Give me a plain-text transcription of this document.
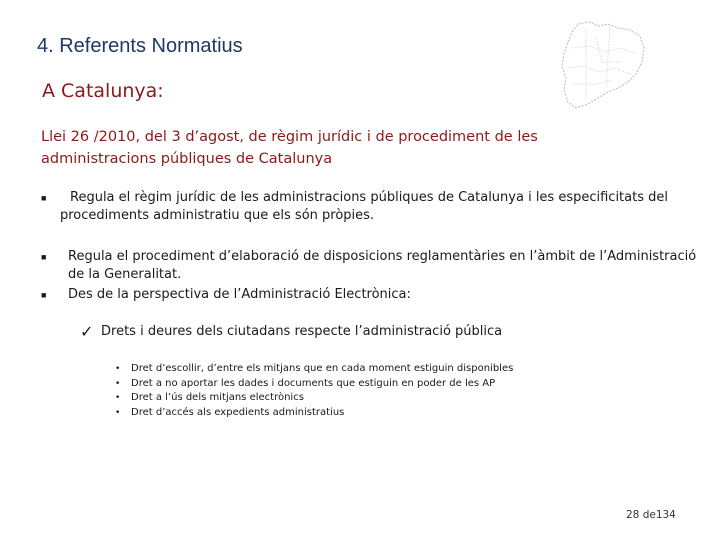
4. Referents Normatius
A Catalunya:
Llei 26 /2010, del 3 d’agost, de règim jurídic i de procediment de les administracions públiques de Catalunya
■	Regula el règim jurídic de les administracions públiques de Catalunya i les especificitats del procediments administratiu que els són pròpies.
■ Regula el procediment d’elaboració de disposicions reglamentàries en l’àmbit de l’Administració de la Generalitat.
■ Des de la perspectiva de l’Administració Electrònica:
✓ Drets i deures dels ciutadans respecte l’administració pública
• Dret d’escollir, d’entre els mitjans que en cada moment estiguin disponibles
• Dret a no aportar les dades i documents que estiguin en poder de les AP
• Dret a l’ús dels mitjans electrònics
• Dret d’accés als expedients administratius
28 de134
